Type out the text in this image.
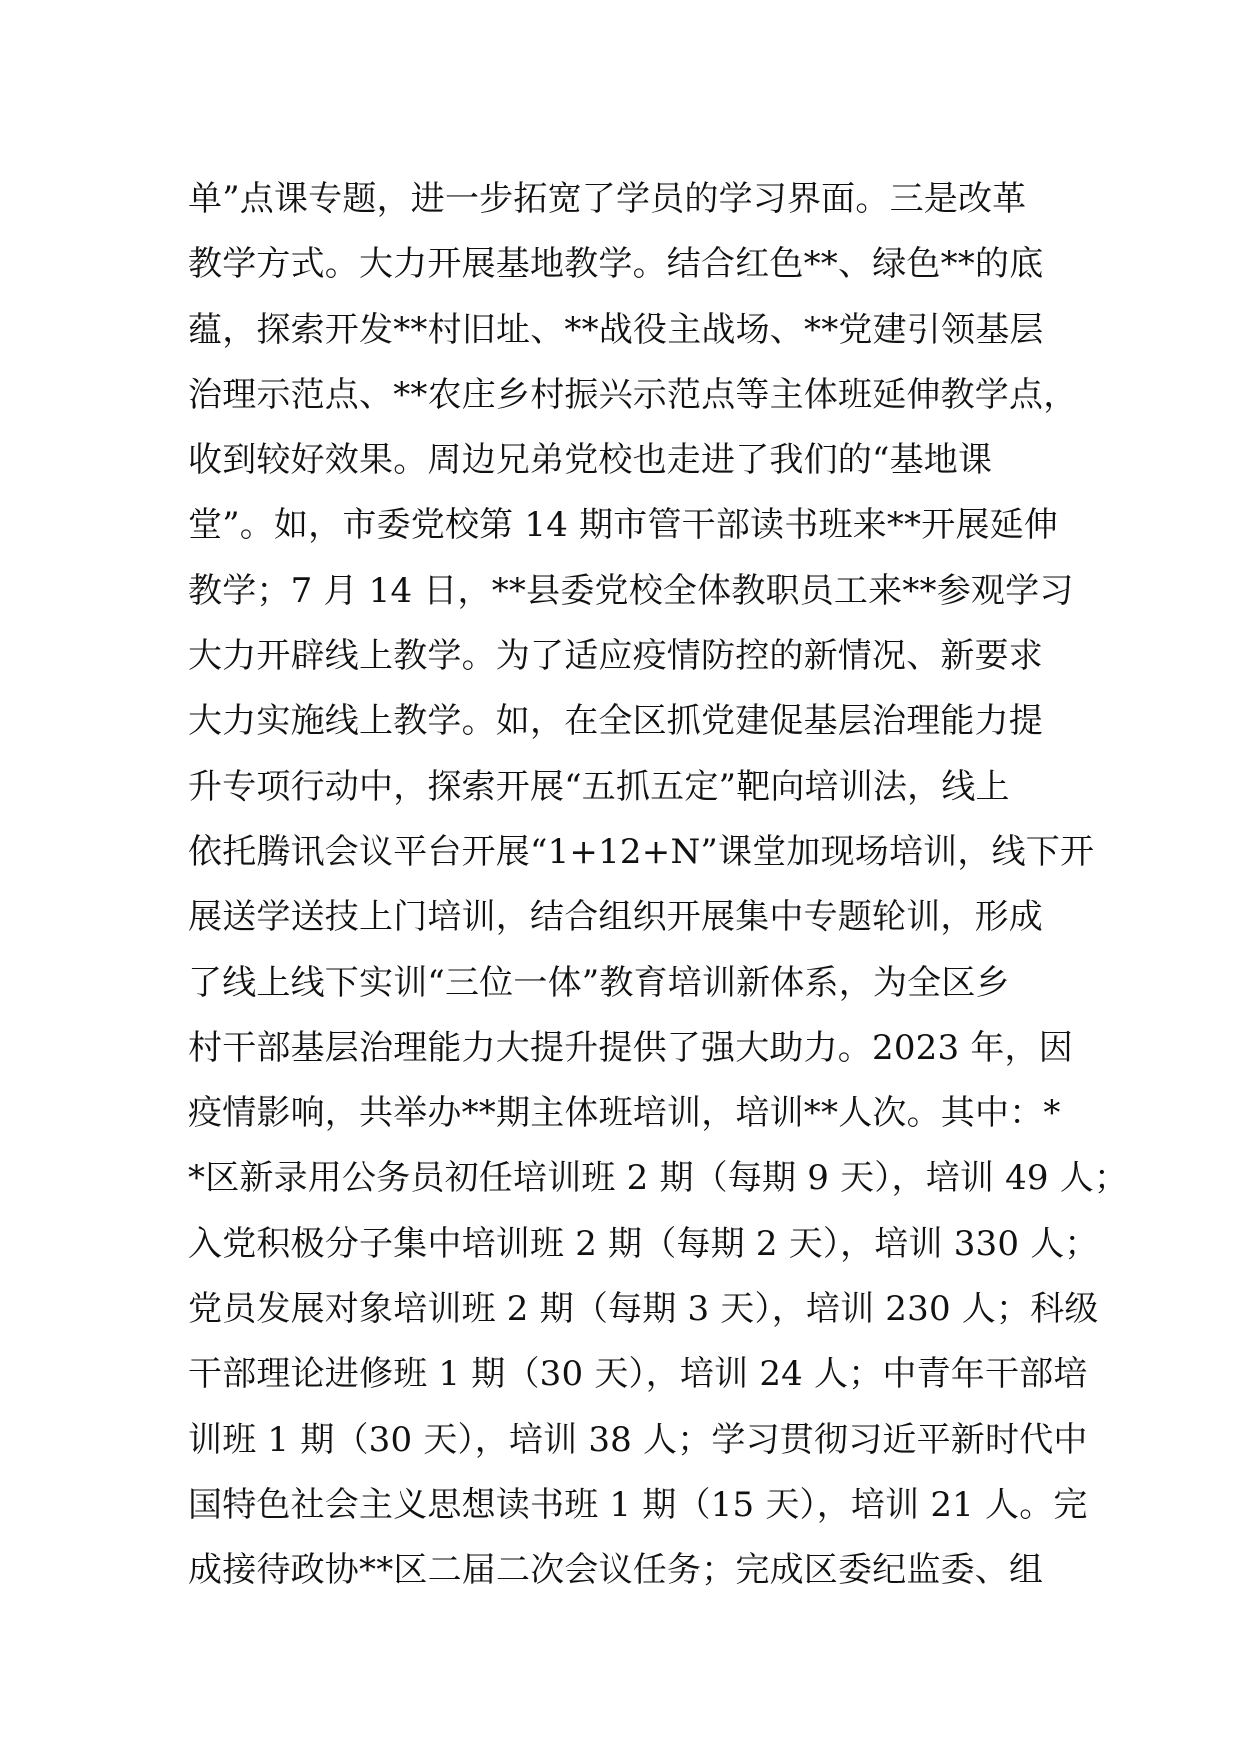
单”点课专题，进一步拓宽了学员的学习界面。三是改革
教学方式。大力开展基地教学。结合红色**、绿色**的底
蕴，探索开发**村旧址、**战役主战场、**党建引领基层
治理示范点、**农庄乡村振兴示范点等主体班延伸教学点，
收到较好效果。周边兄弟党校也走进了我们的“基地课
堂”。如，市委党校第 14 期市管干部读书班来**开展延伸
教学；7 月 14 日，**县委党校全体教职员工来**参观学习
大力开辟线上教学。为了适应疫情防控的新情况、新要求
大力实施线上教学。如，在全区抓党建促基层治理能力提
升专项行动中，探索开展“五抓五定”靶向培训法，线上
依托腾讯会议平台开展“1+12+N”课堂加现场培训，线下开
展送学送技上门培训，结合组织开展集中专题轮训，形成
了线上线下实训“三位一体”教育培训新体系，为全区乡
村干部基层治理能力大提升提供了强大助力。2023 年，因
疫情影响，共举办**期主体班培训，培训**人次。其中：*
*区新录用公务员初任培训班 2 期（每期 9 天），培训 49 人；
入党积极分子集中培训班 2 期（每期 2 天），培训 330 人；
党员发展对象培训班 2 期（每期 3 天），培训 230 人；科级
干部理论进修班 1 期（30 天），培训 24 人；中青年干部培
训班 1 期（30 天），培训 38 人；学习贯彻习近平新时代中
国特色社会主义思想读书班 1 期（15 天），培训 21 人。完
成接待政协**区二届二次会议任务；完成区委纪监委、组
